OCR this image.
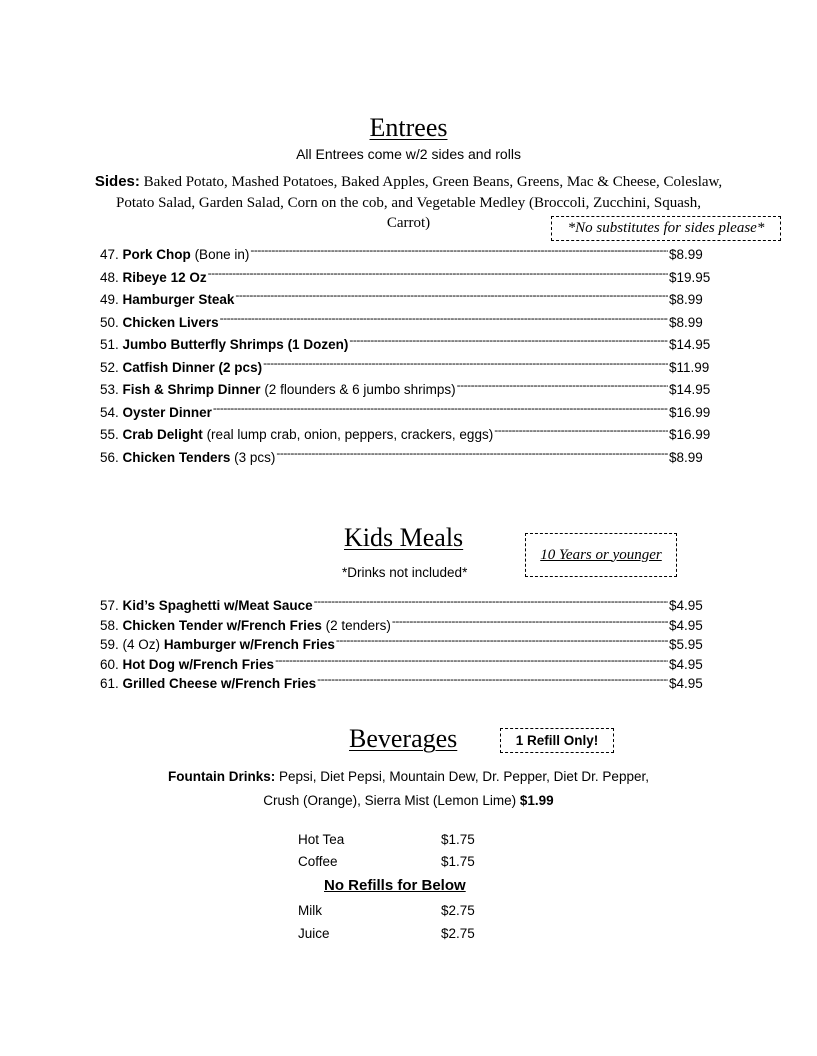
Entrees
All Entrees come w/2 sides and rolls
Sides: Baked Potato, Mashed Potatoes, Baked Apples, Green Beans, Greens, Mac & Cheese, Coleslaw,
Potato Salad, Garden Salad, Corn on the cob, and Vegetable Medley (Broccoli, Zucchini, Squash,
Carrot)	*No substitutes for sides please*
47.
Pork Chop (Bone in) -----	$8.99
48.
Ribeye 12 Oz -----	$19.95
49.
Hamburger Steak -----	$8.99
50.
Chicken Livers -----	$8.99
51.
Jumbo Butterfly Shrimps (1 Dozen) -----	$14.95
52.
Catfish Dinner (2 pcs) -----	$11.99
53.
Fish & Shrimp Dinner (2 flounders & 6 jumbo shrimps) -----	$14.95
54.
Oyster Dinner -----	$16.99
55.
Crab Delight (real lump crab, onion, peppers, crackers, eggs) -----	$16.99
56.
Chicken Tenders (3 pcs) -----	$8.99
Kids Meals
*Drinks not included*
10 Years or younger
57.
Kid’s Spaghetti w/Meat Sauce -----	$4.95
58.
Chicken Tender w/French Fries (2 tenders) -----	$4.95
59.
(4 Oz) Hamburger w/French Fries -----	$5.95
60.
Hot Dog w/French Fries -----	$4.95
61.
Grilled Cheese w/French Fries -----	$4.95
Beverages	1 Refill Only!
Fountain Drinks: Pepsi, Diet Pepsi, Mountain Dew, Dr. Pepper, Diet Dr. Pepper,
Crush (Orange), Sierra Mist (Lemon Lime) $1.99
Hot Tea	$1.75
Coffee	$1.75
No Refills for Below
Milk	$2.75
Juice	$2.75
